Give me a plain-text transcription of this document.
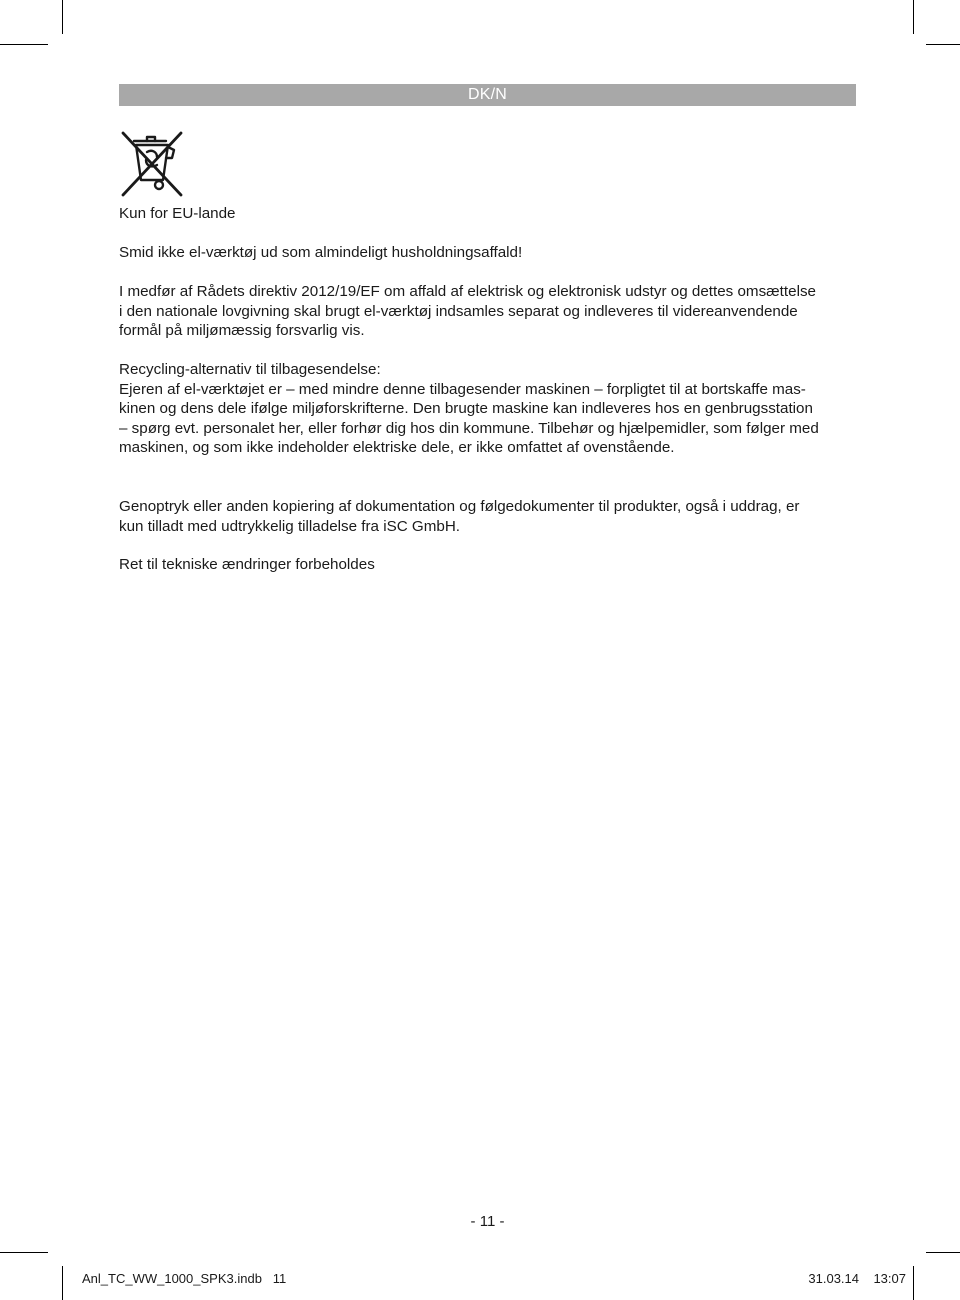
DK/N

Kun for EU-lande

Smid ikke el-værktøj ud som almindeligt husholdningsaffald!

I medfør af Rådets direktiv 2012/19/EF om affald af elektrisk og elektronisk udstyr og dettes omsættelse
i den nationale lovgivning skal brugt el-værktøj indsamles separat og indleveres til videreanvendende
formål på miljømæssig forsvarlig vis.
Recycling-alternativ til tilbagesendelse:
Ejeren af el-værktøjet er – med mindre denne tilbagesender maskinen – forpligtet til at bortskaffe mas-
kinen og dens dele ifølge miljøforskrifterne. Den brugte maskine kan indleveres hos en genbrugsstation
– spørg evt. personalet her, eller forhør dig hos din kommune. Tilbehør og hjælpemidler, som følger med
maskinen, og som ikke indeholder elektriske dele, er ikke omfattet af ovenstående.
Genoptryk eller anden kopiering af dokumentation og følgedokumenter til produkter, også i uddrag, er
kun tilladt med udtrykkelig tilladelse fra iSC GmbH.

Ret til tekniske ændringer forbeholdes

- 11 -
Anl_TC_WW_1000_SPK3.indb   11	31.03.14 13:07
